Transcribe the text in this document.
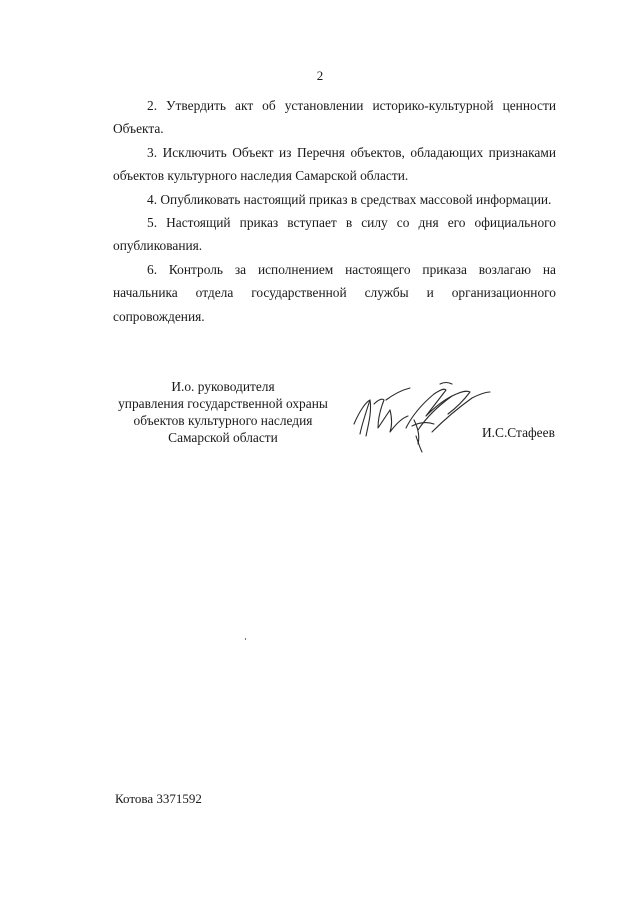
2

2. Утвердить акт об установлении историко-культурной ценности Объекта.

3. Исключить Объект из Перечня объектов, обладающих признаками объектов культурного наследия Самарской области.

4. Опубликовать настоящий приказ в средствах массовой информации.

5. Настоящий приказ вступает в силу со дня его официального опубликования.

6. Контроль за исполнением настоящего приказа возлагаю на начальника отдела государственной службы и организационного сопровождения.

И.о. руководителя
управления государственной охраны
объектов культурного наследия
Самарской области	И.С.Стафеев
Котова 3371592
